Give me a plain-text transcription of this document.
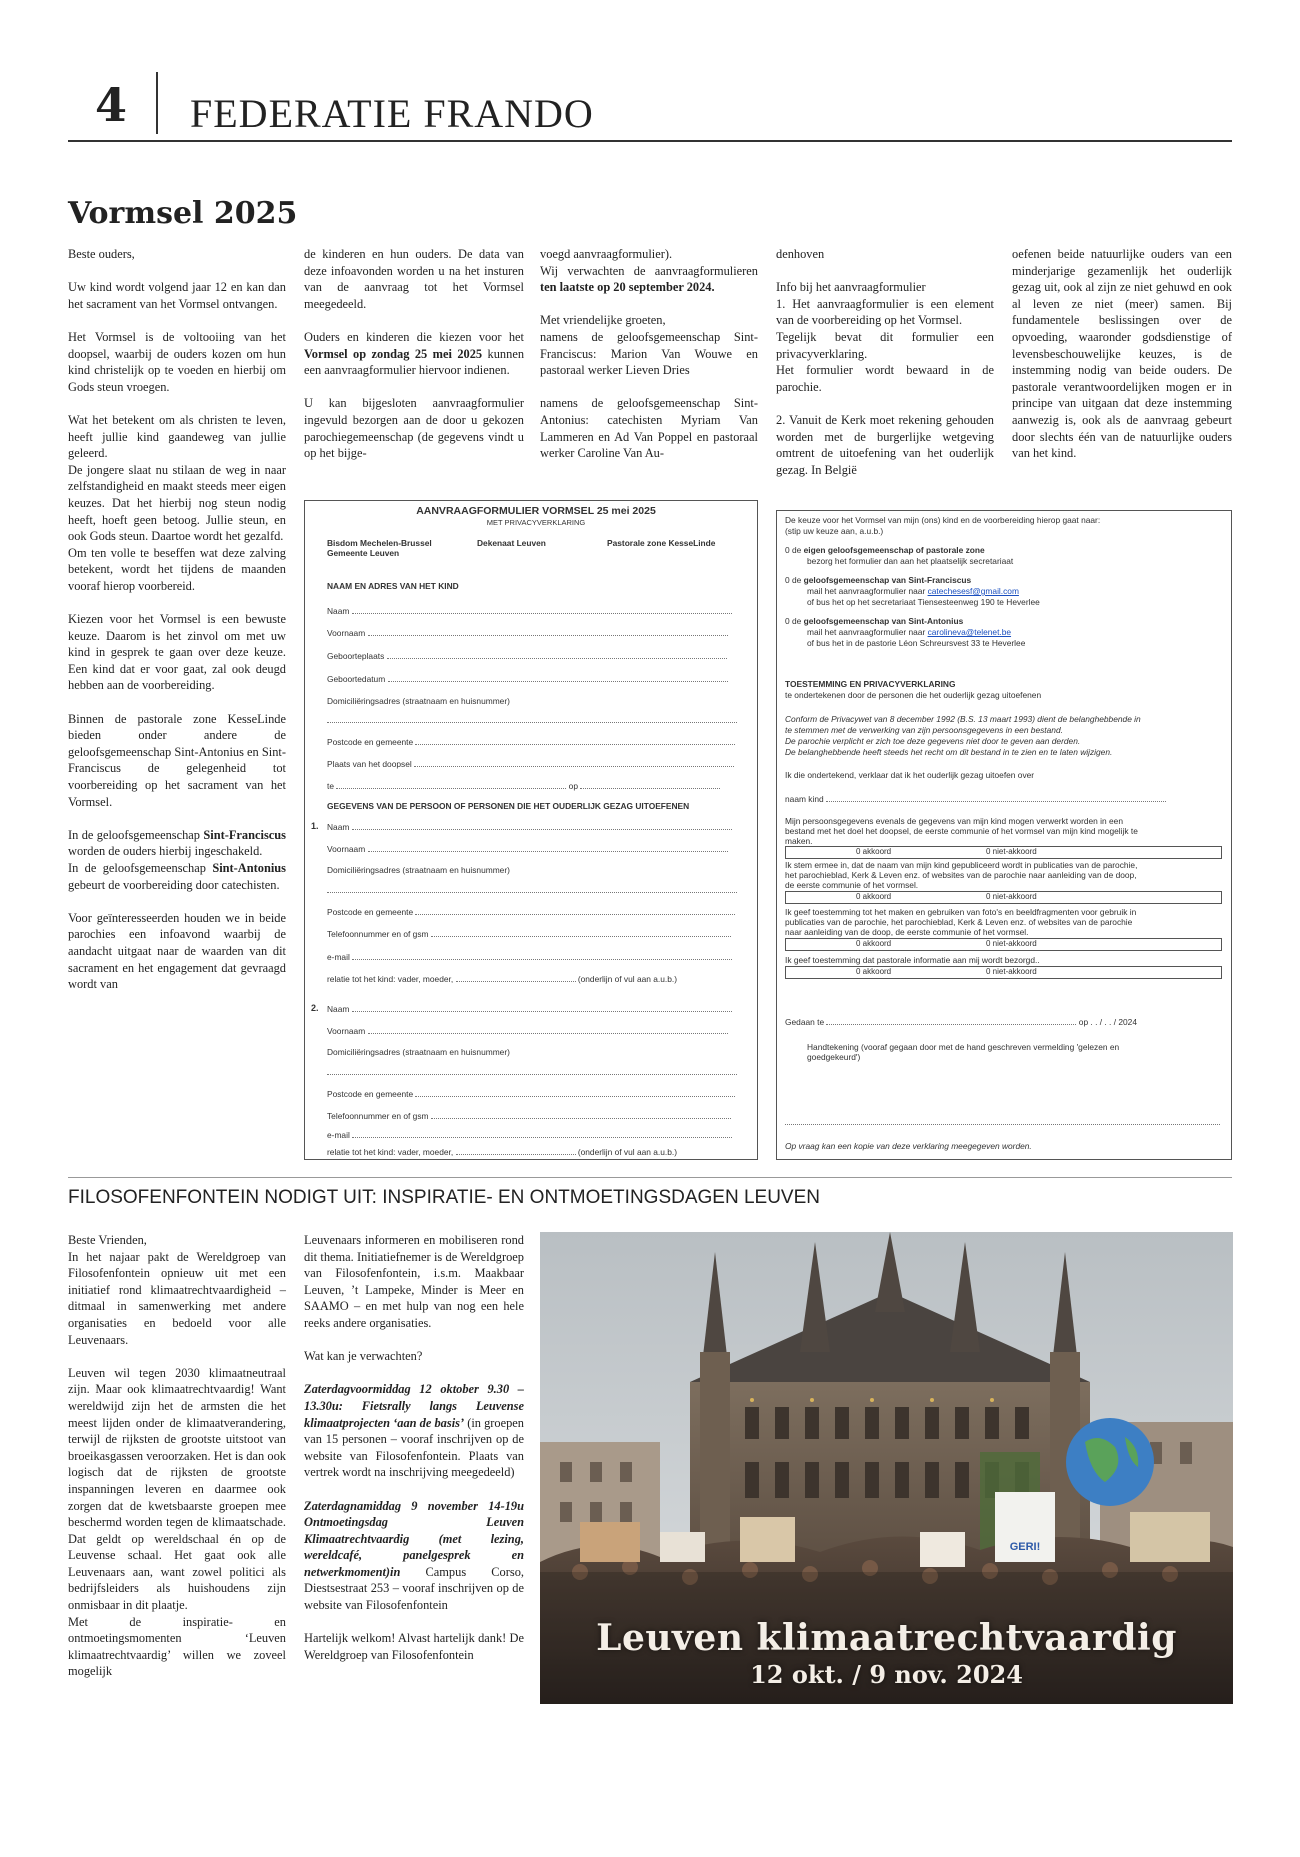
4 FEDERATIE FRANDO
Vormsel 2025

Beste ouders,

Uw kind wordt volgend jaar 12 en kan dan het sacrament van het Vormsel ontvangen.

Het Vormsel is de voltooiing van het doopsel, waarbij de ouders kozen om hun kind christelijk op te voeden en hierbij om Gods steun vroegen.

Wat het betekent om als christen te leven, heeft jullie kind gaandeweg van jullie geleerd.

De jongere slaat nu stilaan de weg in naar zelfstandigheid en maakt steeds meer eigen keuzes. Dat het hierbij nog steun nodig heeft, hoeft geen betoog. Jullie steun, en ook Gods steun. Daartoe wordt het gezalfd.

Om ten volle te beseffen wat deze zalving betekent, wordt het tijdens de maanden vooraf hierop voorbereid.

Kiezen voor het Vormsel is een bewuste keuze. Daarom is het zinvol om met uw kind in gesprek te gaan over deze keuze. Een kind dat er voor gaat, zal ook deugd hebben aan de voorbereiding.

Binnen de pastorale zone KesseLinde bieden onder andere de geloofsgemeenschap Sint-Antonius en Sint-Franciscus de gelegenheid tot voorbereiding op het sacrament van het Vormsel.

In de geloofsgemeenschap Sint-Franciscus worden de ouders hierbij ingeschakeld.

In de geloofsgemeenschap Sint-Antonius gebeurt de voorbereiding door catechisten.

Voor geïnteresseerden houden we in beide parochies een infoavond waarbij de aandacht uitgaat naar de waarden van dit sacrament en het engagement dat gevraagd wordt van

de kinderen en hun ouders. De data van deze infoavonden worden u na het insturen van de aanvraag tot het Vormsel meegedeeld.

Ouders en kinderen die kiezen voor het Vormsel op zondag 25 mei 2025 kunnen een aanvraagformulier hiervoor indienen.

U kan bijgesloten aanvraagformulier ingevuld bezorgen aan de door u gekozen parochiegemeenschap (de gegevens vindt u op het bijge-

voegd aanvraagformulier).

Wij verwachten de aanvraagformulieren ten laatste op 20 september 2024.

Met vriendelijke groeten,

namens de geloofsgemeenschap Sint-Franciscus: Marion Van Wouwe en pastoraal werker Lieven Dries

namens de geloofsgemeenschap Sint-Antonius: catechisten Myriam Van Lammeren en Ad Van Poppel en pastoraal werker Caroline Van Au-

denhoven

Info bij het aanvraagformulier

1. Het aanvraagformulier is een element van de voorbereiding op het Vormsel.

Tegelijk bevat dit formulier een privacyverklaring.

Het formulier wordt bewaard in de parochie.

2. Vanuit de Kerk moet rekening gehouden worden met de burgerlijke wetgeving omtrent de uitoefening van het ouderlijk gezag. In België

oefenen beide natuurlijke ouders van een minderjarige gezamenlijk het ouderlijk gezag uit, ook al zijn ze niet gehuwd en ook al leven ze niet (meer) samen. Bij fundamentele beslissingen over de opvoeding, waaronder godsdienstige of levensbeschouwelijke keuzes, is de instemming nodig van beide ouders. De pastorale verantwoordelijken mogen er in principe van uitgaan dat deze instemming aanwezig is, ook als de aanvraag gebeurt door slechts één van de natuurlijke ouders van het kind.

AANVRAAGFORMULIER VORMSEL 25 mei 2025
MET PRIVACYVERKLARING
Bisdom Mechelen-Brussel	Dekenaat Leuven	Pastorale zone KesseLinde
Gemeente Leuven
NAAM EN ADRES VAN HET KIND
Naam
Voornaam
Geboorteplaats
Geboortedatum
Domiciliëringsadres (straatnaam en huisnummer)
Postcode en gemeente
Plaats van het doopsel
te	op
GEGEVENS VAN DE PERSOON OF PERSONEN DIE HET OUDERLIJK GEZAG UITOEFENEN
1. Naam
Voornaam
Domiciliëringsadres (straatnaam en huisnummer)
Postcode en gemeente
Telefoonnummer en of gsm
e-mail
relatie tot het kind: vader, moeder,	(onderlijn of vul aan a.u.b.)
2. Naam
Voornaam
Domiciliëringsadres (straatnaam en huisnummer)
Postcode en gemeente
Telefoonnummer en of gsm
e-mail
relatie tot het kind: vader, moeder,	(onderlijn of vul aan a.u.b.)
De keuze voor het Vormsel van mijn (ons) kind en de voorbereiding hierop gaat naar:
(stip uw keuze aan, a.u.b.)
0 de eigen geloofsgemeenschap of pastorale zone
bezorg het formulier dan aan het plaatselijk secretariaat
0 de geloofsgemeenschap van Sint-Franciscus
mail het aanvraagformulier naar catechesesf@gmail.com
of bus het op het secretariaat Tiensesteenweg 190 te Heverlee
0 de geloofsgemeenschap van Sint-Antonius
mail het aanvraagformulier naar carolineva@telenet.be
of bus het in de pastorie Léon Schreursvest 33 te Heverlee
TOESTEMMING EN PRIVACYVERKLARING
te ondertekenen door de personen die het ouderlijk gezag uitoefenen
Conform de Privacywet van 8 december 1992 (B.S. 13 maart 1993) dient de belanghebbende in
te stemmen met de verwerking van zijn persoonsgegevens in een bestand.
De parochie verplicht er zich toe deze gegevens niet door te geven aan derden.
De belanghebbende heeft steeds het recht om dit bestand in te zien en te laten wijzigen.
Ik die ondertekend, verklaar dat ik het ouderlijk gezag uitoefen over
naam kind
Mijn persoonsgegevens evenals de gegevens van mijn kind mogen verwerkt worden in een
bestand met het doel het doopsel, de eerste communie of het vormsel van mijn kind mogelijk te
maken.
0 akkoord	0 niet-akkoord
Ik stem ermee in, dat de naam van mijn kind gepubliceerd wordt in publicaties van de parochie,
het parochieblad, Kerk & Leven enz. of websites van de parochie naar aanleiding van de doop,
de eerste communie of het vormsel.
0 akkoord	0 niet-akkoord
Ik geef toestemming tot het maken en gebruiken van foto's en beeldfragmenten voor gebruik in
publicaties van de parochie, het parochieblad, Kerk & Leven enz. of websites van de parochie
naar aanleiding van de doop, de eerste communie of het vormsel.
0 akkoord	0 niet-akkoord
Ik geef toestemming dat pastorale informatie aan mij wordt bezorgd..
0 akkoord	0 niet-akkoord
Gedaan te	op . . / . . / 2024
Handtekening (vooraf gegaan door met de hand geschreven vermelding 'gelezen en
goedgekeurd')
Op vraag kan een kopie van deze verklaring meegegeven worden.
FILOSOFENFONTEIN NODIGT UIT: INSPIRATIE- EN ONTMOETINGSDAGEN LEUVEN

Beste Vrienden,

In het najaar pakt de Wereldgroep van Filosofenfontein opnieuw uit met een initiatief rond klimaatrechtvaardigheid – ditmaal in samenwerking met andere organisaties en bedoeld voor alle Leuvenaars.

Leuven wil tegen 2030 klimaatneutraal zijn. Maar ook klimaatrechtvaardig! Want wereldwijd zijn het de armsten die het meest lijden onder de klimaatverandering, terwijl de rijksten de grootste uitstoot van broeikasgassen veroorzaken. Het is dan ook logisch dat de rijksten de grootste inspanningen leveren en daarmee ook zorgen dat de kwetsbaarste groepen mee beschermd worden tegen de klimaatschade. Dat geldt op wereldschaal én op de Leuvense schaal. Het gaat ook alle Leuvenaars aan, want zowel politici als bedrijfsleiders als huishoudens zijn onmisbaar in dit plaatje.

Met de inspiratie- en ontmoetingsmomenten ‘Leuven klimaatrechtvaardig’ willen we zoveel mogelijk

Leuvenaars informeren en mobiliseren rond dit thema. Initiatiefnemer is de Wereldgroep van Filosofenfontein, i.s.m. Maakbaar Leuven, ’t Lampeke, Minder is Meer en SAAMO – en met hulp van nog een hele reeks andere organisaties.

Wat kan je verwachten?

Zaterdagvoormiddag 12 oktober 9.30 – 13.30u: Fietsrally langs Leuvense klimaatprojecten ‘aan de basis’ (in groepen van 15 personen – vooraf inschrijven op de website van Filosofenfontein. Plaats van vertrek wordt na inschrijving meegedeeld)

Zaterdagnamiddag 9 november 14-19u Ontmoetingsdag Leuven Klimaatrechtvaardig (met lezing, wereldcafé, panelgesprek en netwerkmoment)in Campus Corso, Diestsestraat 253 – vooraf inschrijven op de website van Filosofenfontein

Hartelijk welkom! Alvast hartelijk dank! De Wereldgroep van Filosofenfontein

GERI!
Leuven klimaatrechtvaardig
12 okt. / 9 nov. 2024
